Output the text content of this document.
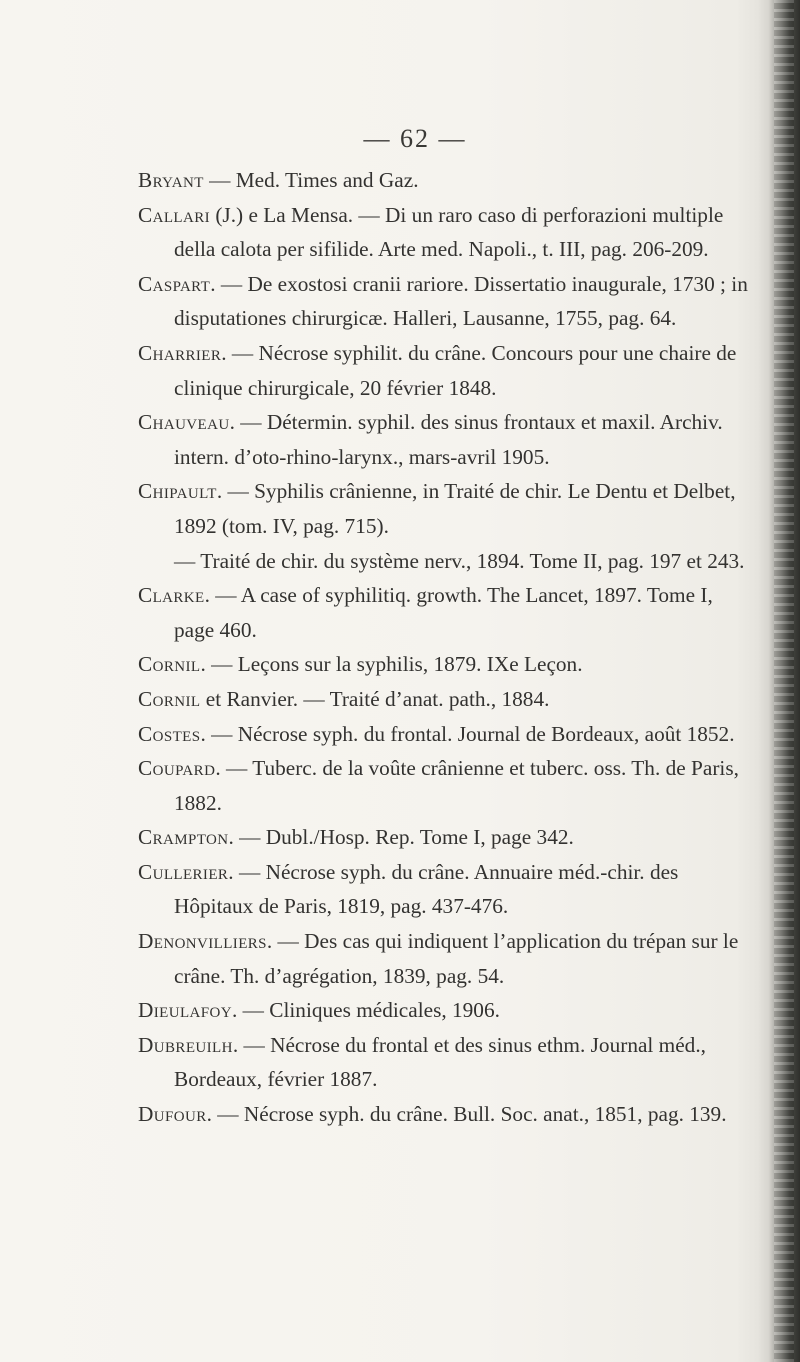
— 62 —

Bryant — Med. Times and Gaz.

Callari (J.) e La Mensa. — Di un raro caso di perforazioni multiple della calota per sifilide. Arte med. Napoli., t. III, pag. 206-209.

Caspart. — De exostosi cranii rariore. Dissertatio inaugurale, 1730 ; in disputationes chirurgicæ. Halleri, Lausanne, 1755, pag. 64.

Charrier. — Nécrose syphilit. du crâne. Concours pour une chaire de clinique chirurgicale, 20 février 1848.

Chauveau. — Détermin. syphil. des sinus frontaux et maxil. Archiv. intern. d’oto-rhino-larynx., mars-avril 1905.

Chipault. — Syphilis crânienne, in Traité de chir. Le Dentu et Delbet, 1892 (tom. IV, pag. 715).

— Traité de chir. du système nerv., 1894. Tome II, pag. 197 et 243.

Clarke. — A case of syphilitiq. growth. The Lancet, 1897. Tome I, page 460.

Cornil. — Leçons sur la syphilis, 1879. IXe Leçon.

Cornil et Ranvier. — Traité d’anat. path., 1884.

Costes. — Nécrose syph. du frontal. Journal de Bordeaux, août 1852.

Coupard. — Tuberc. de la voûte crânienne et tuberc. oss. Th. de Paris, 1882.

Crampton. — Dubl./Hosp. Rep. Tome I, page 342.

Cullerier. — Nécrose syph. du crâne. Annuaire méd.-chir. des Hôpitaux de Paris, 1819, pag. 437-476.

Denonvilliers. — Des cas qui indiquent l’application du trépan sur le crâne. Th. d’agrégation, 1839, pag. 54.

Dieulafoy. — Cliniques médicales, 1906.

Dubreuilh. — Nécrose du frontal et des sinus ethm. Journal méd., Bordeaux, février 1887.

Dufour. — Nécrose syph. du crâne. Bull. Soc. anat., 1851, pag. 139.
